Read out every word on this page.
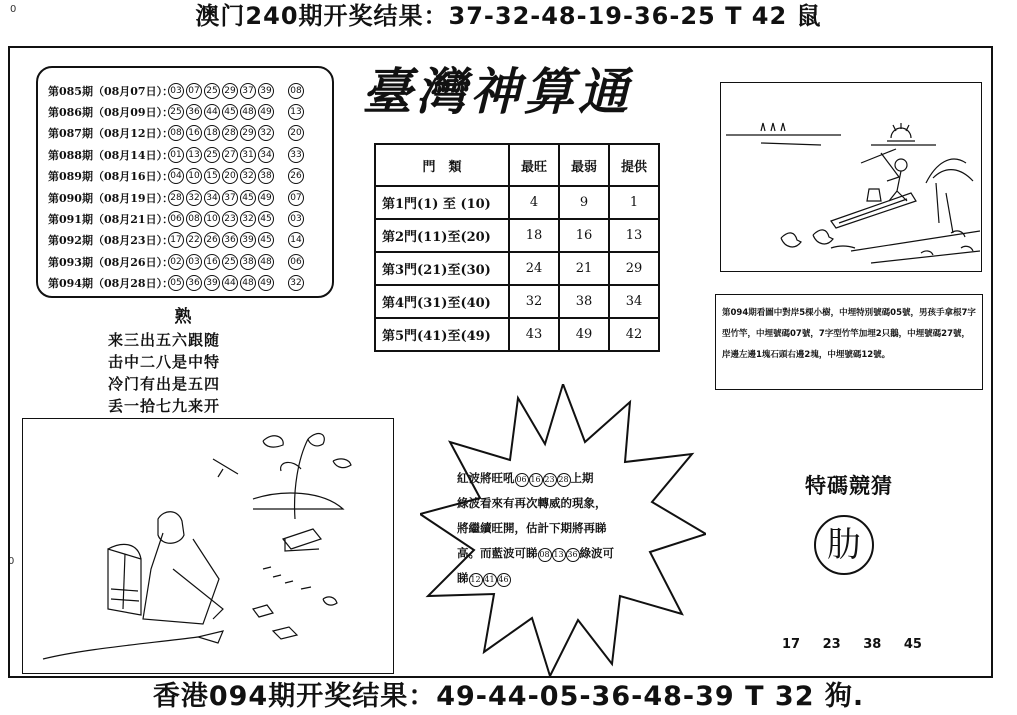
0
0
澳门240期开奖结果：37-32-48-19-36-25 T 42 鼠
第085期（08月07日）：
03 07 25 29 37 39 08
第086期（08月09日）：
25 36 44 45 48 49 13
第087期（08月12日）：
08 16 18 28 29 32 20
第088期（08月14日）：
01 13 25 27 31 34 33
第089期（08月16日）：
04 10 15 20 32 38 26
第090期（08月19日）：
28 32 34 37 45 49 07
第091期（08月21日）：
06 08 10 23 32 45 03
第092期（08月23日）：
17 22 26 36 39 45 14
第093期（08月26日）：
02 03 16 25 38 48 06
第094期（08月28日）：
05 36 39 44 48 49 32
臺灣神算通
門　類	最旺	最弱	提供
第1門(1) 至 (10)	4	9	1
第2門(11)至(20)	18	16	13
第3門(21)至(30)	24	21	29
第4門(31)至(40)	32	38	34
第5門(41)至(49)	43	49	42
熟
来三出五六跟随
击中二八是中特
冷门有出是五四
丢一拾七九来开
第094期看圖中對岸5棵小樹，中埋特別號碼05號，男孩手拿根7字型竹竿，中埋號碼07號，7字型竹竿加埋2只鵝，中埋號碼27號，岸邊左邊1塊石頭右邊2塊，中埋號碼12號。
紅波將旺吼 06 16 23 28 上期
綠波看來有再次轉威的現象，
將繼續旺開，估計下期將再睇
高。而藍波可睇 08 13 36 綠波可
睇 12 41 46
特碼競猜
肋
17 23 38 45
香港094期开奖结果：49-44-05-36-48-39 T 32 狗.
